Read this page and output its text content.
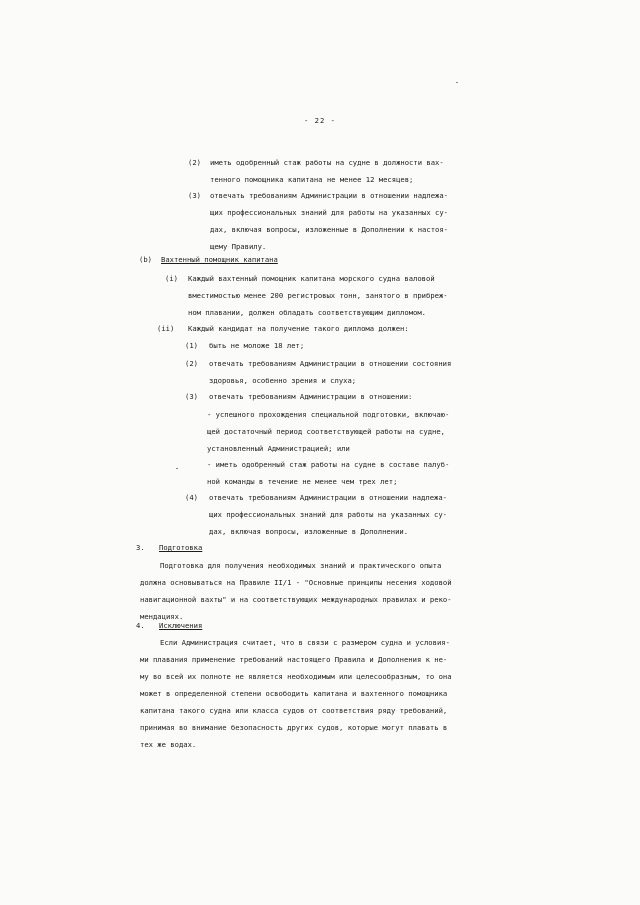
- 22 -
(2) иметь одобренный стаж работы на судне в должности вах-

тенного помощника капитана не менее 12 месяцев;

(3) отвечать требованиям Администрации в отношении надлежа-

щих профессиональных знаний для работы на указанных су-

дах, включая вопросы, изложенные в Дополнении к настоя-

щему Правилу.

(b) Вахтенный помощник капитана
(i) Каждый вахтенный помощник капитана морского судна валовой

вместимостью менее 200 регистровых тонн, занятого в прибреж-

ном плавании, должен обладать соответствующим дипломом.

(ii) Каждый кандидат на получение такого диплома должен:

(1) быть не моложе 18 лет;

(2) отвечать требованиям Администрации в отношении состояния

здоровья, особенно зрения и слуха;

(3) отвечать требованиям Администрации в отношении:

- успешного прохождения специальной подготовки, включаю-

щей достаточный период соответствующей работы на судне,

установленный Администрацией; или

- иметь одобренный стаж работы на судне в составе палуб-

ной команды в течение не менее чем трех лет;

(4) отвечать требованиям Администрации в отношении надлежа-

щих профессиональных знаний для работы на указанных су-

дах, включая вопросы, изложенные в Дополнении.

3. Подготовка

Подготовка для получения необходимых знаний и практического опыта

должна основываться на Правиле II/1 - "Основные принципы несения ходовой

навигационной вахты" и на соответствующих международных правилах и реко-

мендациях.

4. Исключения

Если Администрация считает, что в связи с размером судна и условия-

ми плавания применение требований настоящего Правила и Дополнения к не-

му во всей их полноте не является необходимым или целесообразным, то она

может в определенной степени освободить капитана и вахтенного помощника

капитана такого судна или класса судов от соответствия ряду требований,

принимая во внимание безопасность других судов, которые могут плавать в

тех же водах.
